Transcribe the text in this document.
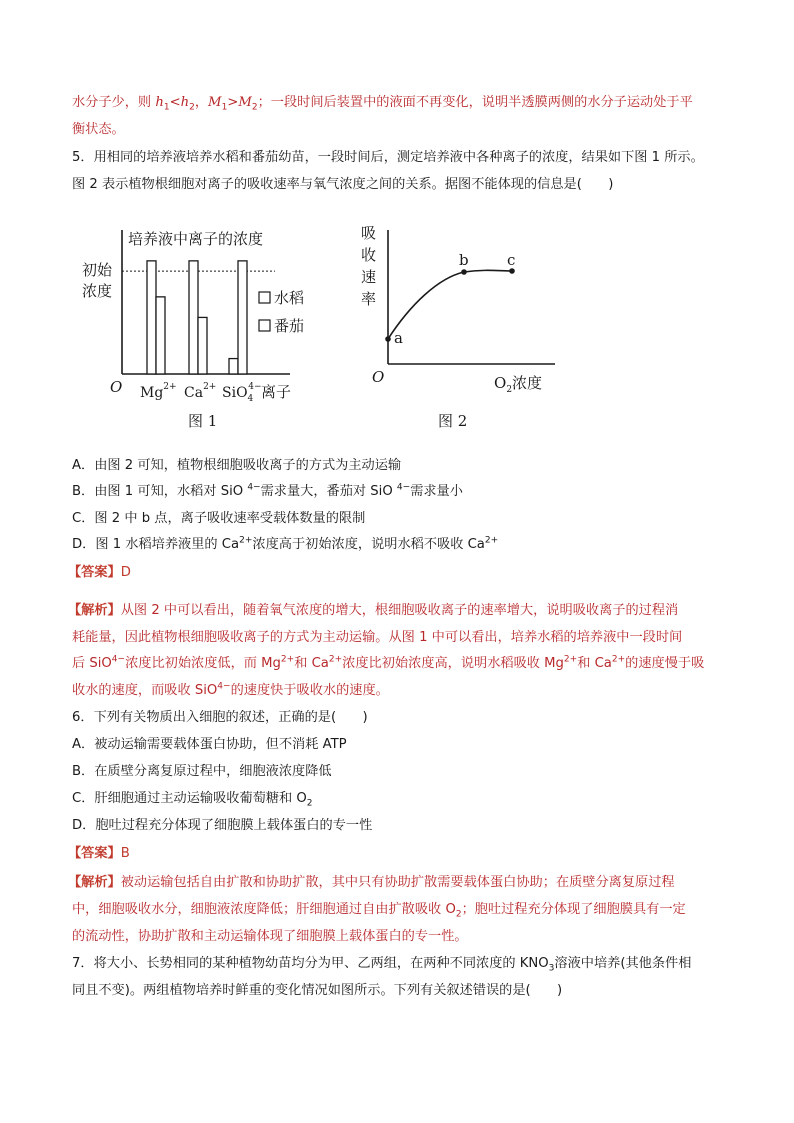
水分子少，则 $h_1<h_2$，$M_1>M_2$；一段时间后装置中的液面不再变化，说明半透膜两侧的水分子运动处于平
衡状态。
5．用相同的培养液培养水稻和番茄幼苗，一段时间后，测定培养液中各种离子的浓度，结果如下图 1 所示。
图 2 表示植物根细胞对离子的吸收速率与氧气浓度之间的关系。据图不能体现的信息是(　　)
培养液中离子的浓度
初始
浓度
O
水稻
番茄
$Mg^{2+}$ $Ca^{2+}$ SiO$_4$4− 离子
图 1
吸
收
速
率
O
a
b	c
$O_2$浓度
图 2
A．由图 2 可知，植物根细胞吸收离子的方式为主动运输
B．由图 1 可知，水稻对 SiO $^{4-}$需求量大，番茄对 SiO $^{4-}$需求量小
C．图 2 中 b 点，离子吸收速率受载体数量的限制
D．图 1 水稻培养液里的 $Ca^{2+}$浓度高于初始浓度，说明水稻不吸收 $Ca^{2+}$
【答案】D
【解析】从图 2 中可以看出，随着氧气浓度的增大，根细胞吸收离子的速率增大，说明吸收离子的过程消
耗能量，因此植物根细胞吸收离子的方式为主动运输。从图 1 中可以看出，培养水稻的培养液中一段时间
后 SiO$^{4-}$浓度比初始浓度低，而 $Mg^{2+}$和 $Ca^{2+}$浓度比初始浓度高，说明水稻吸收 $Mg^{2+}$和 $Ca^{2+}$的速度慢于吸
收水的速度，而吸收 SiO$^{4-}$的速度快于吸收水的速度。
6．下列有关物质出入细胞的叙述，正确的是(　　)
A．被动运输需要载体蛋白协助，但不消耗 ATP
B．在质壁分离复原过程中，细胞液浓度降低
C．肝细胞通过主动运输吸收葡萄糖和 $O_2$
D．胞吐过程充分体现了细胞膜上载体蛋白的专一性
【答案】B
【解析】被动运输包括自由扩散和协助扩散，其中只有协助扩散需要载体蛋白协助；在质壁分离复原过程
中，细胞吸收水分，细胞液浓度降低；肝细胞通过自由扩散吸收 $O_2$；胞吐过程充分体现了细胞膜具有一定
的流动性，协助扩散和主动运输体现了细胞膜上载体蛋白的专一性。
7．将大小、长势相同的某种植物幼苗均分为甲、乙两组，在两种不同浓度的 $KNO_3$溶液中培养(其他条件相
同且不变)。两组植物培养时鲜重的变化情况如图所示。下列有关叙述错误的是(　　)
